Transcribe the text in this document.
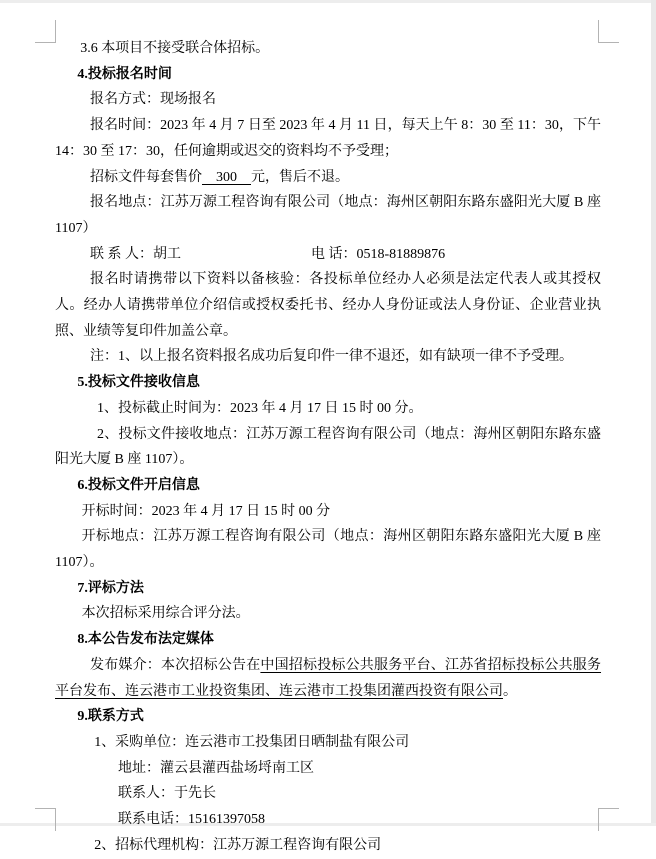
3.6 本项目不接受联合体招标。

4.投标报名时间

报名方式：现场报名

报名时间：2023 年 4 月 7 日至 2023 年 4 月 11 日，每天上午 8：30 至 11：30，下午 14：30 至 17：30，任何逾期或迟交的资料均不予受理；

招标文件每套售价　300　元，售后不退。

报名地点：江苏万源工程咨询有限公司（地点：海州区朝阳东路东盛阳光大厦 B 座 1107）

联 系 人：胡工	电 话：0518-81889876

报名时请携带以下资料以备核验：各投标单位经办人必须是法定代表人或其授权人。经办人请携带单位介绍信或授权委托书、经办人身份证或法人身份证、企业营业执照、业绩等复印件加盖公章。

注：1、以上报名资料报名成功后复印件一律不退还，如有缺项一律不予受理。

5.投标文件接收信息

1、投标截止时间为：2023 年 4 月 17 日 15 时 00 分。

2、投标文件接收地点：江苏万源工程咨询有限公司（地点：海州区朝阳东路东盛阳光大厦 B 座 1107）。

6.投标文件开启信息

开标时间：2023 年 4 月 17 日 15 时 00 分

开标地点：江苏万源工程咨询有限公司（地点：海州区朝阳东路东盛阳光大厦 B 座 1107）。

7.评标方法

本次招标采用综合评分法。

8.本公告发布法定媒体

发布媒介：本次招标公告在中国招标投标公共服务平台、江苏省招标投标公共服务平台发布、连云港市工业投资集团、连云港市工投集团灌西投资有限公司。

9.联系方式

1、采购单位：连云港市工投集团日晒制盐有限公司

地址：灌云县灌西盐场埒南工区

联系人：于先长

联系电话：15161397058

2、招标代理机构：江苏万源工程咨询有限公司
